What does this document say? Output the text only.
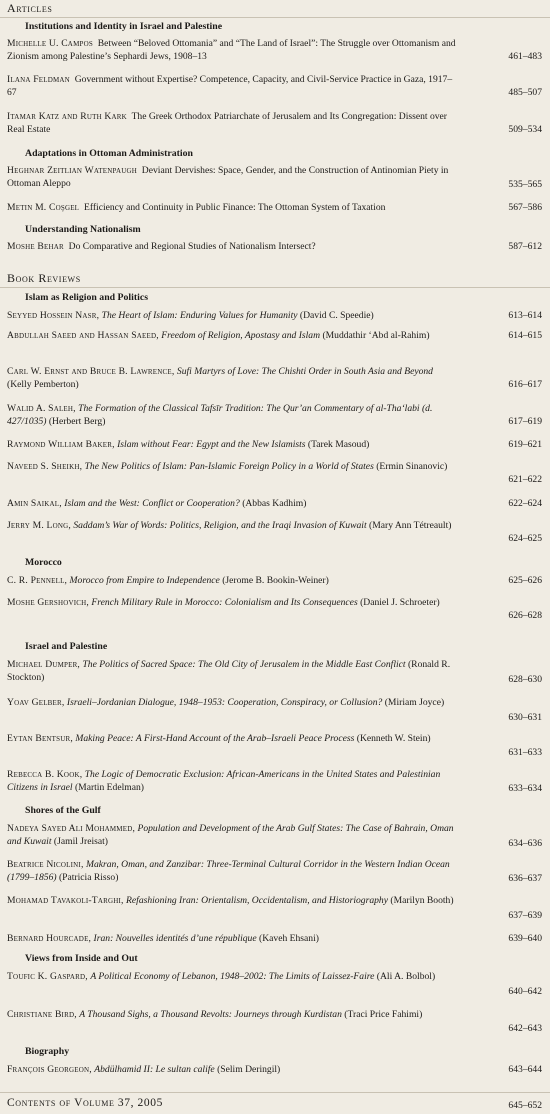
Articles
Institutions and Identity in Israel and Palestine
Michelle U. Campos Between “Beloved Ottomania” and “The Land of Israel”: The Struggle over Ottomanism and Zionism among Palestine’s Sephardi Jews, 1908–13	461–483
Ilana Feldman Government without Expertise? Competence, Capacity, and Civil-Service Practice in Gaza, 1917–67	485–507
Itamar Katz and Ruth Kark The Greek Orthodox Patriarchate of Jerusalem and Its Congregation: Dissent over Real Estate	509–534
Adaptations in Ottoman Administration
Heghnar Zeitlian Watenpaugh Deviant Dervishes: Space, Gender, and the Construction of Antinomian Piety in Ottoman Aleppo	535–565
Metin M. Coşgel Efficiency and Continuity in Public Finance: The Ottoman System of Taxation	567–586
Understanding Nationalism
Moshe Behar Do Comparative and Regional Studies of Nationalism Intersect?	587–612
Book Reviews
Islam as Religion and Politics
Seyyed Hossein Nasr, The Heart of Islam: Enduring Values for Humanity (David C. Speedie)	613–614
Abdullah Saeed and Hassan Saeed, Freedom of Religion, Apostasy and Islam (Muddathir ‘Abd al-Rahim)	614–615
Carl W. Ernst and Bruce B. Lawrence, Sufi Martyrs of Love: The Chishti Order in South Asia and Beyond (Kelly Pemberton)	616–617
Walid A. Saleh, The Formation of the Classical Tafsīr Tradition: The Qur’an Commentary of al-Tha‘labi (d. 427/1035) (Herbert Berg)	617–619
Raymond William Baker, Islam without Fear: Egypt and the New Islamists (Tarek Masoud)	619–621
Naveed S. Sheikh, The New Politics of Islam: Pan-Islamic Foreign Policy in a World of States (Ermin Sinanovic)
621–622
Amin Saikal, Islam and the West: Conflict or Cooperation? (Abbas Kadhim)	622–624
Jerry M. Long, Saddam’s War of Words: Politics, Religion, and the Iraqi Invasion of Kuwait (Mary Ann Tétreault)
624–625
Morocco
C. R. Pennell, Morocco from Empire to Independence (Jerome B. Bookin-Weiner)	625–626
Moshe Gershovich, French Military Rule in Morocco: Colonialism and Its Consequences (Daniel J. Schroeter)
626–628
Israel and Palestine
Michael Dumper, The Politics of Sacred Space: The Old City of Jerusalem in the Middle East Conflict (Ronald R. Stockton)	628–630
Yoav Gelber, Israeli–Jordanian Dialogue, 1948–1953: Cooperation, Conspiracy, or Collusion? (Miriam Joyce)
630–631
Eytan Bentsur, Making Peace: A First-Hand Account of the Arab–Israeli Peace Process (Kenneth W. Stein)
631–633
Rebecca B. Kook, The Logic of Democratic Exclusion: African-Americans in the United States and Palestinian Citizens in Israel (Martin Edelman)	633–634
Shores of the Gulf
Nadeya Sayed Ali Mohammed, Population and Development of the Arab Gulf States: The Case of Bahrain, Oman and Kuwait (Jamil Jreisat)	634–636
Beatrice Nicolini, Makran, Oman, and Zanzibar: Three-Terminal Cultural Corridor in the Western Indian Ocean (1799–1856) (Patricia Risso)	636–637
Mohamad Tavakoli-Targhi, Refashioning Iran: Orientalism, Occidentalism, and Historiography (Marilyn Booth)
637–639
Bernard Hourcade, Iran: Nouvelles identités d’une république (Kaveh Ehsani)	639–640
Views from Inside and Out
Toufic K. Gaspard, A Political Economy of Lebanon, 1948–2002: The Limits of Laissez-Faire (Ali A. Bolbol)
640–642
Christiane Bird, A Thousand Sighs, a Thousand Revolts: Journeys through Kurdistan (Traci Price Fahimi)
642–643
Biography
François Georgeon, Abdülhamid II: Le sultan calife (Selim Deringil)	643–644
Contents of Volume 37, 2005	645–652
